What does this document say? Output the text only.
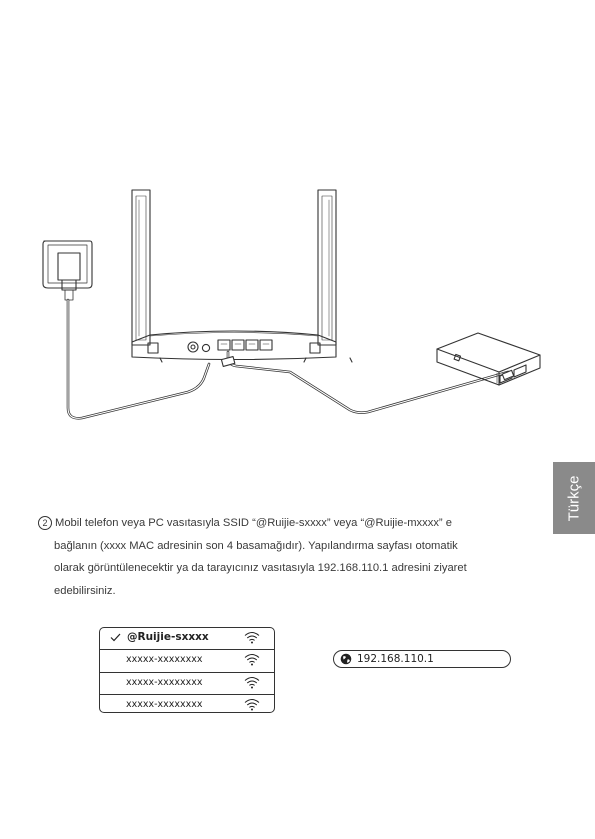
Türkçe
2 Mobil telefon veya PC vasıtasıyla SSID “@Ruijie-sxxxx” veya “@Ruijie-mxxxx” e
bağlanın (xxxx MAC adresinin son 4 basamağıdır). Yapılandırma sayfası otomatik
olarak görüntülenecektir ya da tarayıcınız vasıtasıyla 192.168.110.1 adresini ziyaret
edebilirsiniz.
@Ruijie-sxxxx
xxxxx-xxxxxxxx
xxxxx-xxxxxxxx
xxxxx-xxxxxxxx
192.168.110.1
